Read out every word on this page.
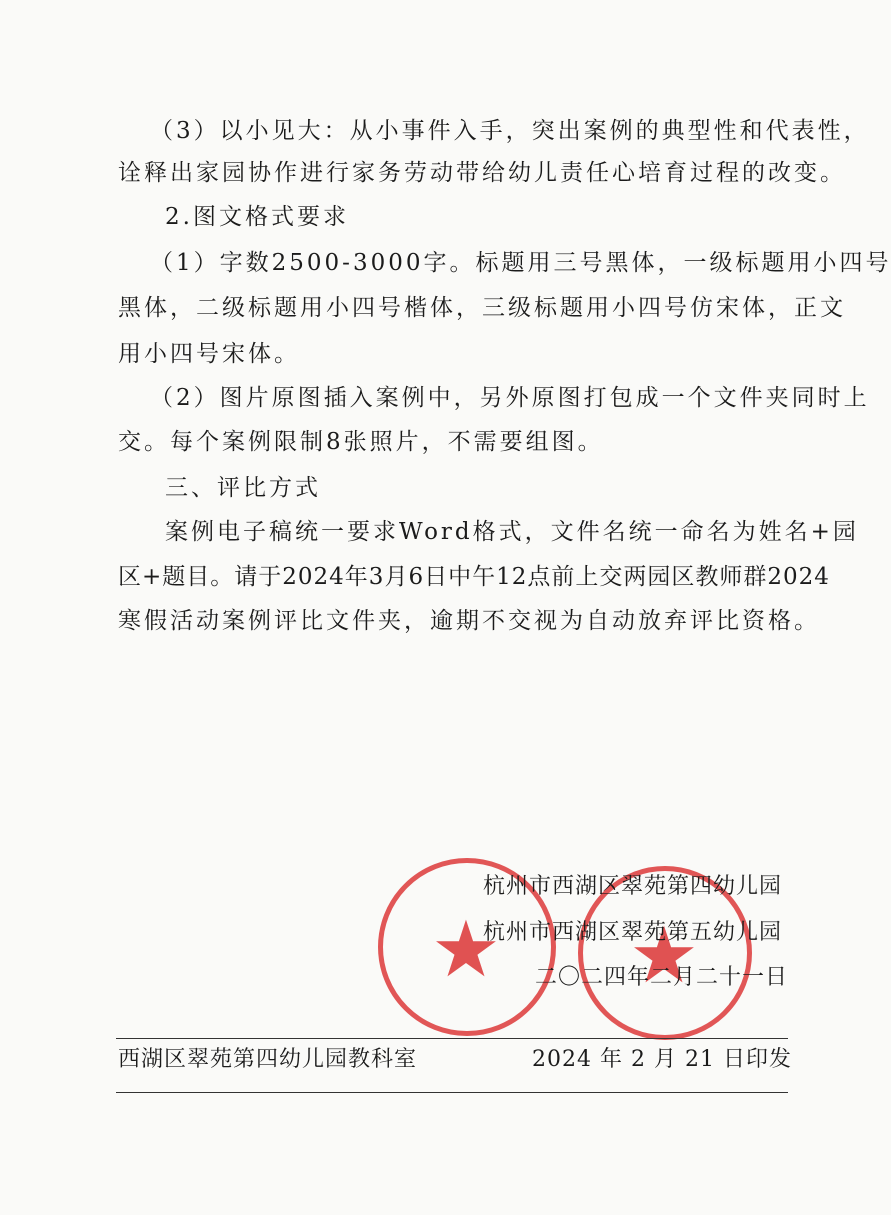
（3）以小见大：从小事件入手，突出案例的典型性和代表性，
诠释出家园协作进行家务劳动带给幼儿责任心培育过程的改变。
2.图文格式要求
（1）字数2500-3000字。标题用三号黑体，一级标题用小四号
黑体，二级标题用小四号楷体，三级标题用小四号仿宋体，正文
用小四号宋体。
（2）图片原图插入案例中，另外原图打包成一个文件夹同时上
交。每个案例限制8张照片，不需要组图。
三、评比方式
案例电子稿统一要求Word格式，文件名统一命名为姓名+园
区+题目。请于2024年3月6日中午12点前上交两园区教师群2024
寒假活动案例评比文件夹，逾期不交视为自动放弃评比资格。
★ ★
杭州市西湖区翠苑第四幼儿园
杭州市西湖区翠苑第五幼儿园
二〇二四年二月二十一日
西湖区翠苑第四幼儿园教科室	2024 年 2 月 21 日印发
